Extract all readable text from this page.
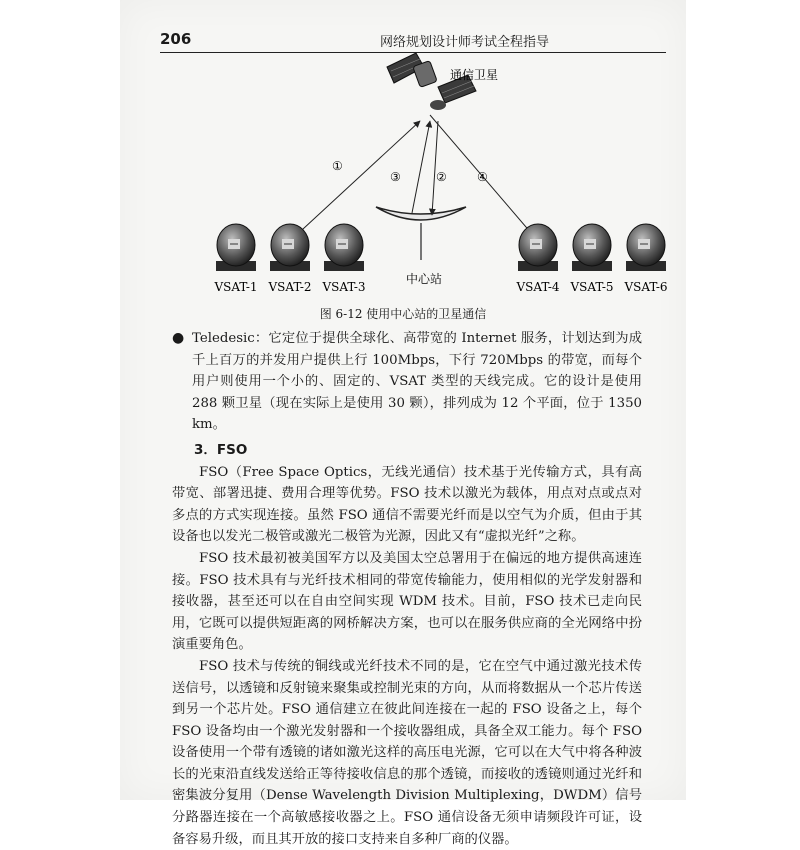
206	网络规划设计师考试全程指导
通信卫星
中心站
①
②
③	④
VSAT-1 VSAT-2 VSAT-3	VSAT-4 VSAT-5 VSAT-6
图 6-12 使用中心站的卫星通信

● Teledesic：它定位于提供全球化、高带宽的 Internet 服务，计划达到为成千上百万的并发用户提供上行 100Mbps，下行 720Mbps 的带宽，而每个用户则使用一个小的、固定的、VSAT 类型的天线完成。它的设计是使用 288 颗卫星（现在实际上是使用 30 颗），排列成为 12 个平面，位于 1350 km。

3．FSO

FSO（Free Space Optics，无线光通信）技术基于光传输方式，具有高带宽、部署迅捷、费用合理等优势。FSO 技术以激光为载体，用点对点或点对多点的方式实现连接。虽然 FSO 通信不需要光纤而是以空气为介质，但由于其设备也以发光二极管或激光二极管为光源，因此又有“虚拟光纤”之称。

FSO 技术最初被美国军方以及美国太空总署用于在偏远的地方提供高速连接。FSO 技术具有与光纤技术相同的带宽传输能力，使用相似的光学发射器和接收器，甚至还可以在自由空间实现 WDM 技术。目前，FSO 技术已走向民用，它既可以提供短距离的网桥解决方案，也可以在服务供应商的全光网络中扮演重要角色。

FSO 技术与传统的铜线或光纤技术不同的是，它在空气中通过激光技术传送信号，以透镜和反射镜来聚集或控制光束的方向，从而将数据从一个芯片传送到另一个芯片处。FSO 通信建立在彼此间连接在一起的 FSO 设备之上，每个 FSO 设备均由一个激光发射器和一个接收器组成，具备全双工能力。每个 FSO 设备使用一个带有透镜的诸如激光这样的高压电光源，它可以在大气中将各种波长的光束沿直线发送给正等待接收信息的那个透镜，而接收的透镜则通过光纤和密集波分复用（Dense Wavelength Division Multiplexing，DWDM）信号分路器连接在一个高敏感接收器之上。FSO 通信设备无须申请频段许可证，设备容易升级，而且其开放的接口支持来自多种厂商的仪器。
